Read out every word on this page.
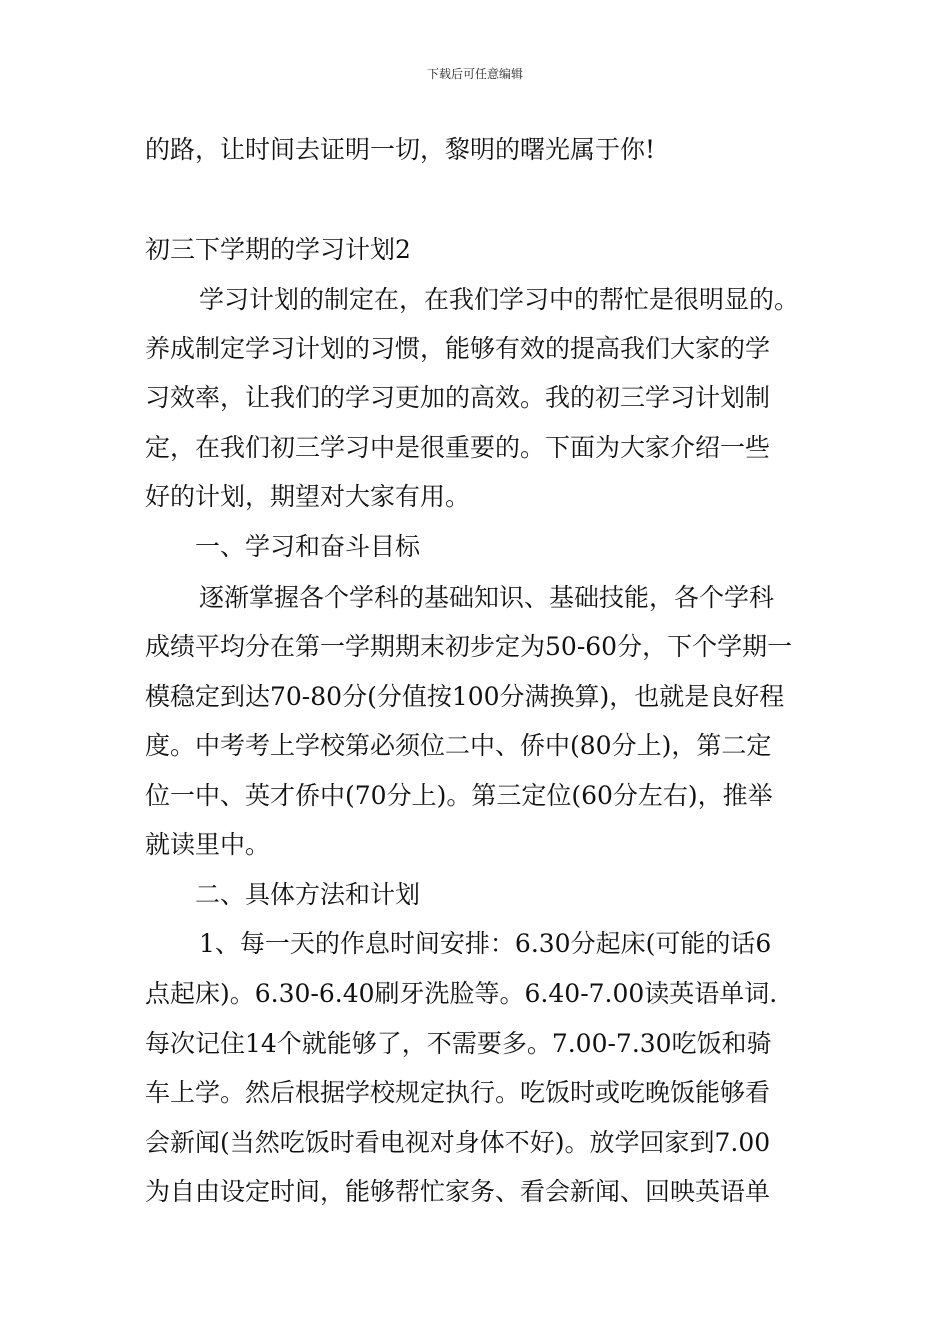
下载后可任意编辑
的路，让时间去证明一切，黎明的曙光属于你!
初三下学期的学习计划2
学习计划的制定在，在我们学习中的帮忙是很明显的。
养成制定学习计划的习惯，能够有效的提高我们大家的学
习效率，让我们的学习更加的高效。我的初三学习计划制
定，在我们初三学习中是很重要的。下面为大家介绍一些
好的计划，期望对大家有用。
一、学习和奋斗目标
逐渐掌握各个学科的基础知识、基础技能，各个学科
成绩平均分在第一学期期末初步定为50-60分，下个学期一
模稳定到达70-80分(分值按100分满换算)，也就是良好程
度。中考考上学校第必须位二中、侨中(80分上)，第二定
位一中、英才侨中(70分上)。第三定位(60分左右)，推举
就读里中。
二、具体方法和计划
1、每一天的作息时间安排：6.30分起床(可能的话6
点起床)。6.30-6.40刷牙洗脸等。6.40-7.00读英语单词.
每次记住14个就能够了，不需要多。7.00-7.30吃饭和骑
车上学。然后根据学校规定执行。吃饭时或吃晚饭能够看
会新闻(当然吃饭时看电视对身体不好)。放学回家到7.00
为自由设定时间，能够帮忙家务、看会新闻、回映英语单
